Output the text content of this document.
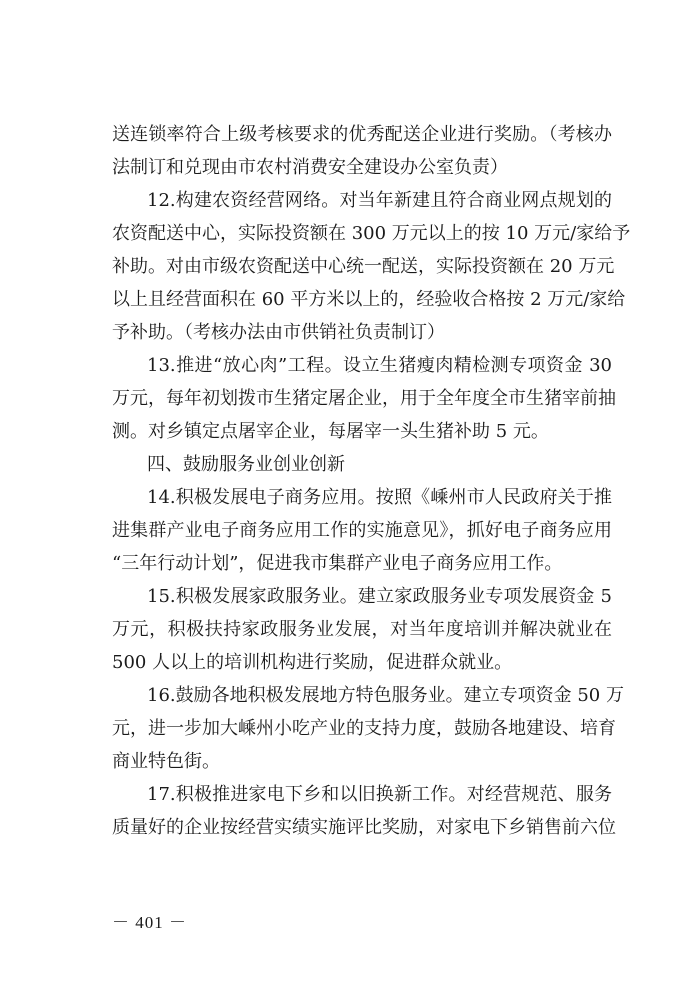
送连锁率符合上级考核要求的优秀配送企业进行奖励。（考核办
法制订和兑现由市农村消费安全建设办公室负责）
12.构建农资经营网络。对当年新建且符合商业网点规划的
农资配送中心，实际投资额在 300 万元以上的按 10 万元/家给予
补助。对由市级农资配送中心统一配送，实际投资额在 20 万元
以上且经营面积在 60 平方米以上的，经验收合格按 2 万元/家给
予补助。（考核办法由市供销社负责制订）
13.推进“放心肉”工程。设立生猪瘦肉精检测专项资金 30
万元，每年初划拨市生猪定屠企业，用于全年度全市生猪宰前抽
测。对乡镇定点屠宰企业，每屠宰一头生猪补助 5 元。
四、鼓励服务业创业创新
14.积极发展电子商务应用。按照《嵊州市人民政府关于推
进集群产业电子商务应用工作的实施意见》，抓好电子商务应用
“三年行动计划”，促进我市集群产业电子商务应用工作。
15.积极发展家政服务业。建立家政服务业专项发展资金 5
万元，积极扶持家政服务业发展，对当年度培训并解决就业在
500 人以上的培训机构进行奖励，促进群众就业。
16.鼓励各地积极发展地方特色服务业。建立专项资金 50 万
元，进一步加大嵊州小吃产业的支持力度，鼓励各地建设、培育
商业特色街。
17.积极推进家电下乡和以旧换新工作。对经营规范、服务
质量好的企业按经营实绩实施评比奖励，对家电下乡销售前六位
－ 401 －
